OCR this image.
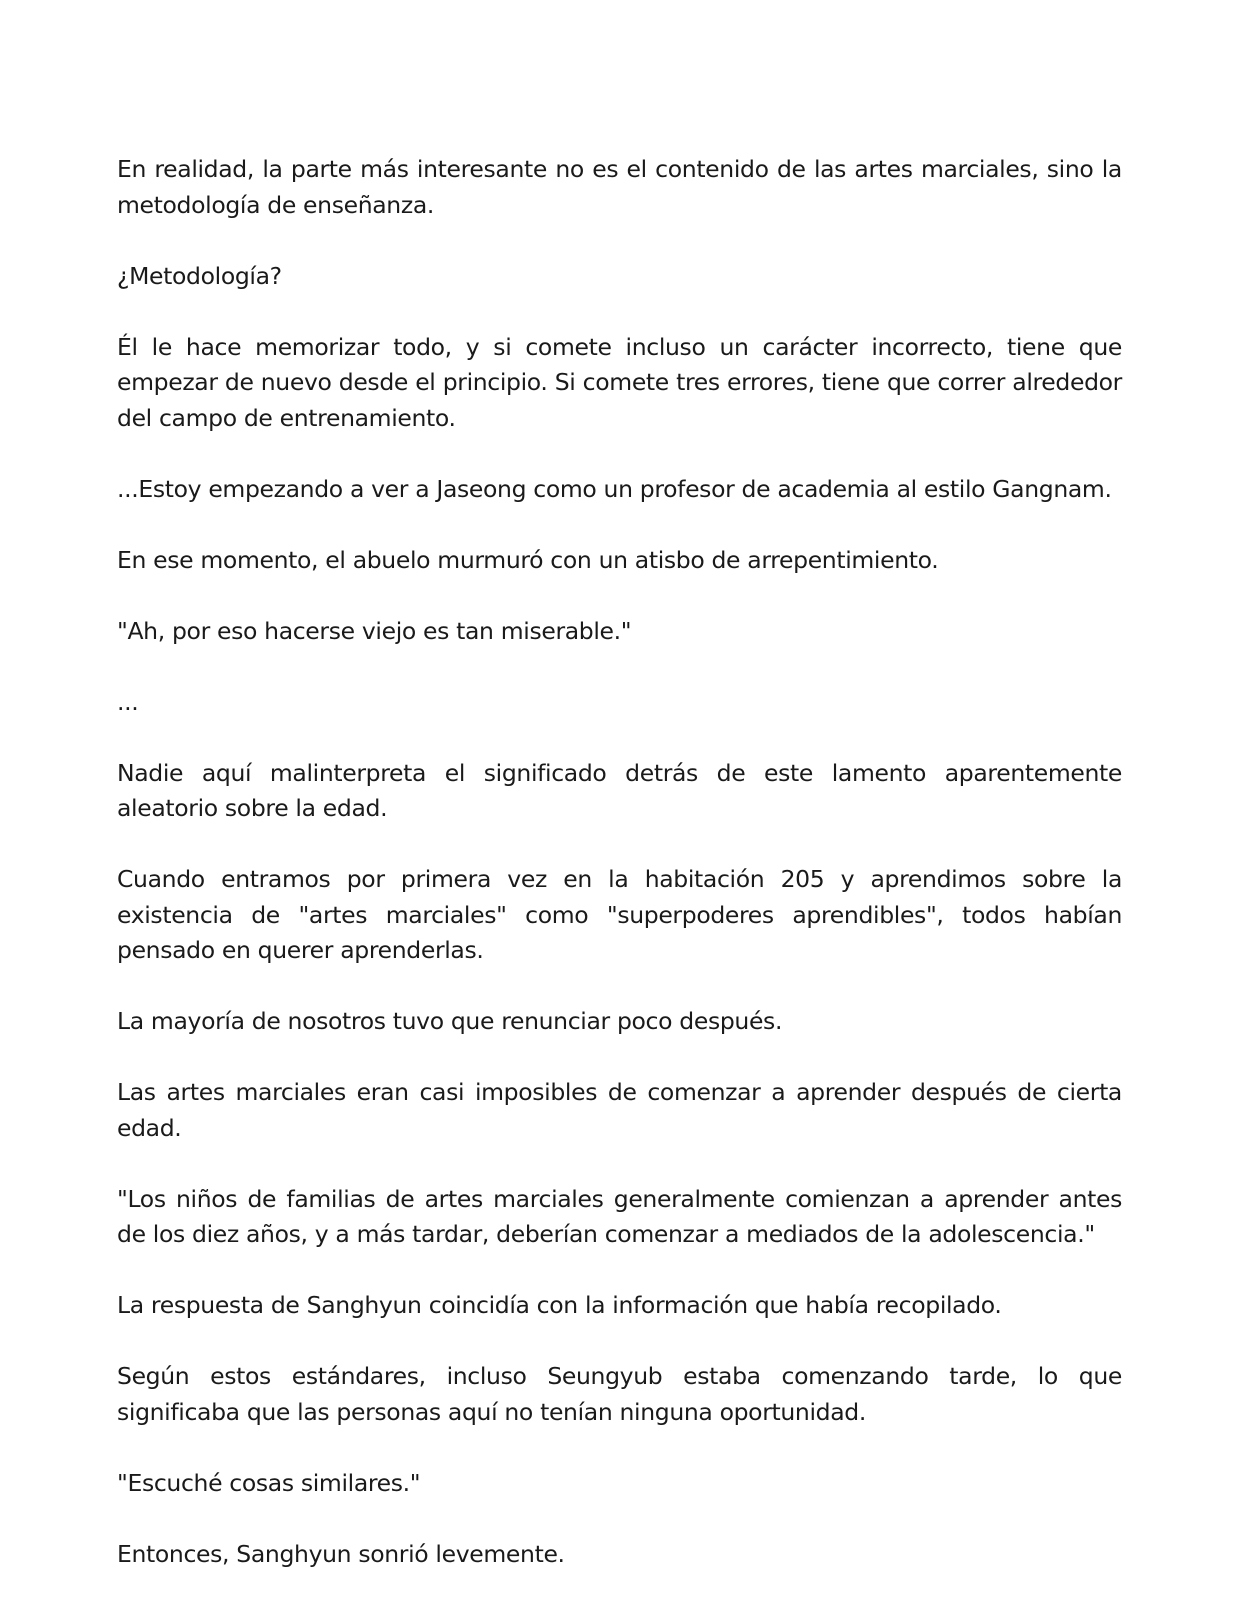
En realidad, la parte más interesante no es el contenido de las artes marciales, sino la metodología de enseñanza.

¿Metodología?

Él le hace memorizar todo, y si comete incluso un carácter incorrecto, tiene que empezar de nuevo desde el principio. Si comete tres errores, tiene que correr alrededor del campo de entrenamiento.

...Estoy empezando a ver a Jaseong como un profesor de academia al estilo Gangnam.

En ese momento, el abuelo murmuró con un atisbo de arrepentimiento.

"Ah, por eso hacerse viejo es tan miserable."

...

Nadie aquí malinterpreta el significado detrás de este lamento aparentemente aleatorio sobre la edad.

Cuando entramos por primera vez en la habitación 205 y aprendimos sobre la existencia de "artes marciales" como "superpoderes aprendibles", todos habían pensado en querer aprenderlas.

La mayoría de nosotros tuvo que renunciar poco después.

Las artes marciales eran casi imposibles de comenzar a aprender después de cierta edad.

"Los niños de familias de artes marciales generalmente comienzan a aprender antes de los diez años, y a más tardar, deberían comenzar a mediados de la adolescencia."

La respuesta de Sanghyun coincidía con la información que había recopilado.

Según estos estándares, incluso Seungyub estaba comenzando tarde, lo que significaba que las personas aquí no tenían ninguna oportunidad.

"Escuché cosas similares."

Entonces, Sanghyun sonrió levemente.
